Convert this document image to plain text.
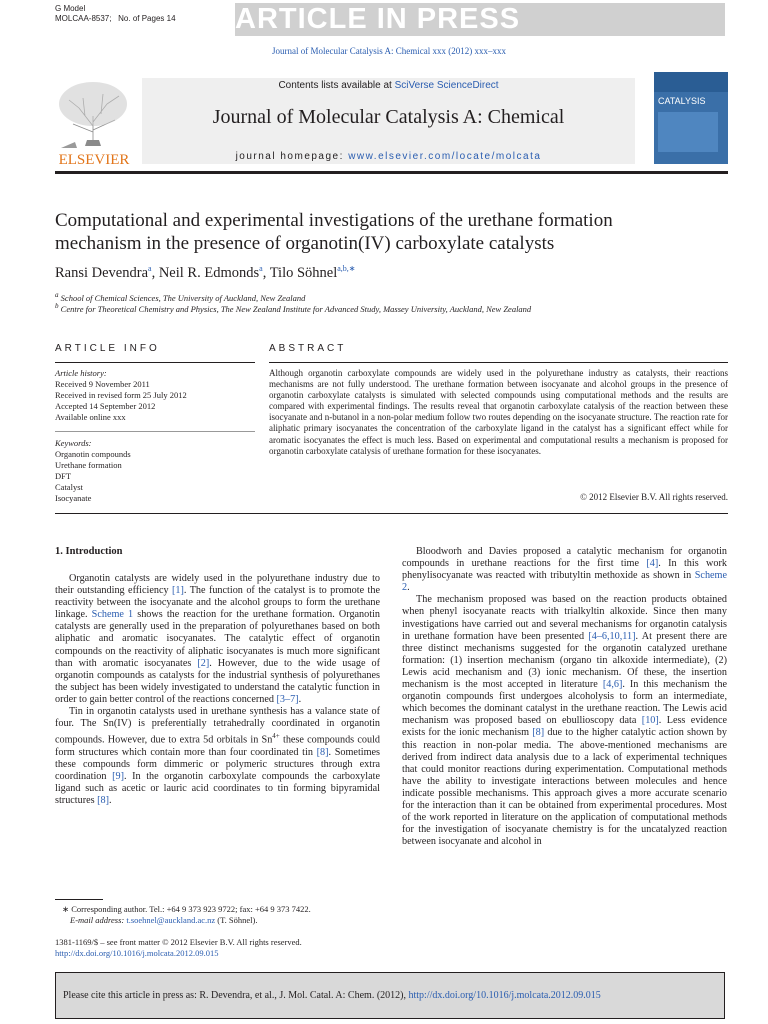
G Model
MOLCAA-8537; No. of Pages 14 ARTICLE IN PRESS
Journal of Molecular Catalysis A: Chemical xxx (2012) xxx–xxx
ELSEVIER
Contents lists available at SciVerse ScienceDirect
Journal of Molecular Catalysis A: Chemical
journal homepage: www.elsevier.com/locate/molcata
CATALYSIS
Computational and experimental investigations of the urethane formation
mechanism in the presence of organotin(IV) carboxylate catalysts
Ransi Devendra$^a$, Neil R. Edmonds$^a$, Tilo Söhnel$^{a,b,∗}$
$^a$ School of Chemical Sciences, The University of Auckland, New Zealand
$^b$ Centre for Theoretical Chemistry and Physics, The New Zealand Institute for Advanced Study, Massey University, Auckland, New Zealand
ARTICLE INFO	ABSTRACT
Article history:
Received 9 November 2011
Received in revised form 25 July 2012
Accepted 14 September 2012
Available online xxx
Keywords:
Organotin compounds
Urethane formation
DFT
Catalyst
Isocyanate
Although organotin carboxylate compounds are widely used in the polyurethane industry as catalysts, their reactions mechanisms are not fully understood. The urethane formation between isocyanate and alcohol groups in the presence of organotin carboxylate catalysts is simulated with selected compounds using computational methods and the results are compared with experimental findings. The results reveal that organotin carboxylate catalysis of the reaction between these isocyanate and n-butanol in a non-polar medium follow two routes depending on the isocyanate structure. The reaction rate for aliphatic primary isocyanates the concentration of the carboxylate ligand in the catalyst has a significant effect while for aromatic isocyanates the effect is much less. Based on experimental and computational results a mechanism is proposed for organotin carboxylate catalysis of urethane formation for these isocyanates.
© 2012 Elsevier B.V. All rights reserved.
1. Introduction

Organotin catalysts are widely used in the polyurethane industry due to their outstanding efficiency [1]. The function of the catalyst is to promote the reactivity between the isocyanate and the alcohol groups to form the urethane linkage. Scheme 1 shows the reaction for the urethane formation. Organotin catalysts are generally used in the preparation of polyurethanes based on both aliphatic and aromatic isocyanates. The catalytic effect of organotin compounds on the reactivity of aliphatic isocyanates is much more significant than with aromatic isocyanates [2]. However, due to the wide usage of organotin compounds as catalysts for the industrial synthesis of polyurethanes the subject has been widely investigated to understand the catalytic function in order to gain better control of the reactions concerned [3–7].

Tin in organotin catalysts used in urethane synthesis has a valance state of four. The Sn(IV) is preferentially tetrahedrally coordinated in organotin compounds. However, due to extra 5d orbitals in $Sn^{4+}$ these compounds could form structures which contain more than four coordinated tin [8]. Sometimes these compounds form dimmeric or polymeric structures through extra coordination [9]. In the organotin carboxylate compounds the carboxylate ligand such as acetic or lauric acid coordinates to tin forming bipyramidal structures [8].

Bloodworh and Davies proposed a catalytic mechanism for organotin compounds in urethane reactions for the first time [4]. In this work phenylisocyanate was reacted with tributyltin methoxide as shown in Scheme 2.

The mechanism proposed was based on the reaction products obtained when phenyl isocyanate reacts with trialkyltin alkoxide. Since then many investigations have carried out and several mechanisms for organotin catalysis in urethane formation have been presented [4–6,10,11]. At present there are three distinct mechanisms suggested for the organotin catalyzed urethane formation: (1) insertion mechanism (organo tin alkoxide intermediate), (2) Lewis acid mechanism and (3) ionic mechanism. Of these, the insertion mechanism is the most accepted in literature [4,6]. In this mechanism the organotin compounds first undergoes alcoholysis to form an intermediate, which becomes the dominant catalyst in the urethane reaction. The Lewis acid mechanism was proposed based on ebullioscopy data [10]. Less evidence exists for the ionic mechanism [8] due to the higher catalytic action shown by this reaction in non-polar media. The above-mentioned mechanisms are derived from indirect data analysis due to a lack of experimental techniques that could monitor reactions during experimentation. Computational methods have the ability to investigate interactions between molecules and hence indicate possible mechanisms. This approach gives a more accurate scenario for the interaction than it can be obtained from experimental procedures. Most of the work reported in literature on the application of computational methods for the investigation of isocyanate chemistry is for the uncatalyzed reaction between isocyanate and alcohol in

∗ Corresponding author. Tel.: +64 9 373 923 9722; fax: +64 9 373 7422.
E-mail address: t.soehnel@auckland.ac.nz (T. Söhnel).
1381-1169/$ – see front matter © 2012 Elsevier B.V. All rights reserved.
http://dx.doi.org/10.1016/j.molcata.2012.09.015
Please cite this article in press as: R. Devendra, et al., J. Mol. Catal. A: Chem. (2012), http://dx.doi.org/10.1016/j.molcata.2012.09.015
